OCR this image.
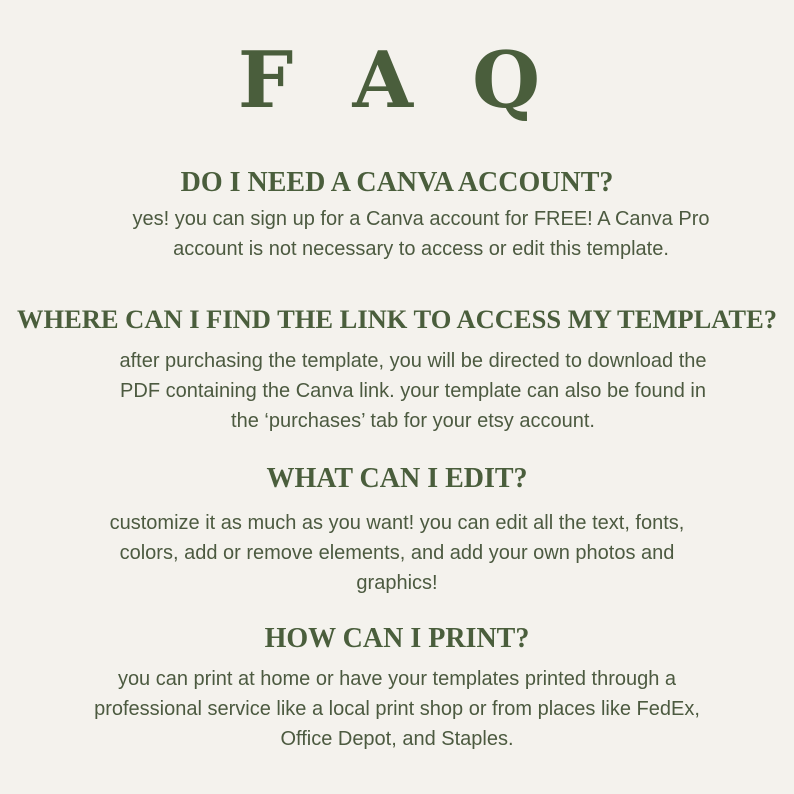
F A Q
DO I NEED A CANVA ACCOUNT?

yes! you can sign up for a Canva account for FREE! A Canva Pro
account is not necessary to access or edit this template.

WHERE CAN I FIND THE LINK TO ACCESS MY TEMPLATE?

after purchasing the template, you will be directed to download the
PDF containing the Canva link. your template can also be found in
the ‘purchases’ tab for your etsy account.

WHAT CAN I EDIT?

customize it as much as you want! you can edit all the text, fonts,
colors, add or remove elements, and add your own photos and
graphics!

HOW CAN I PRINT?

you can print at home or have your templates printed through a
professional service like a local print shop or from places like FedEx,
Office Depot, and Staples.
